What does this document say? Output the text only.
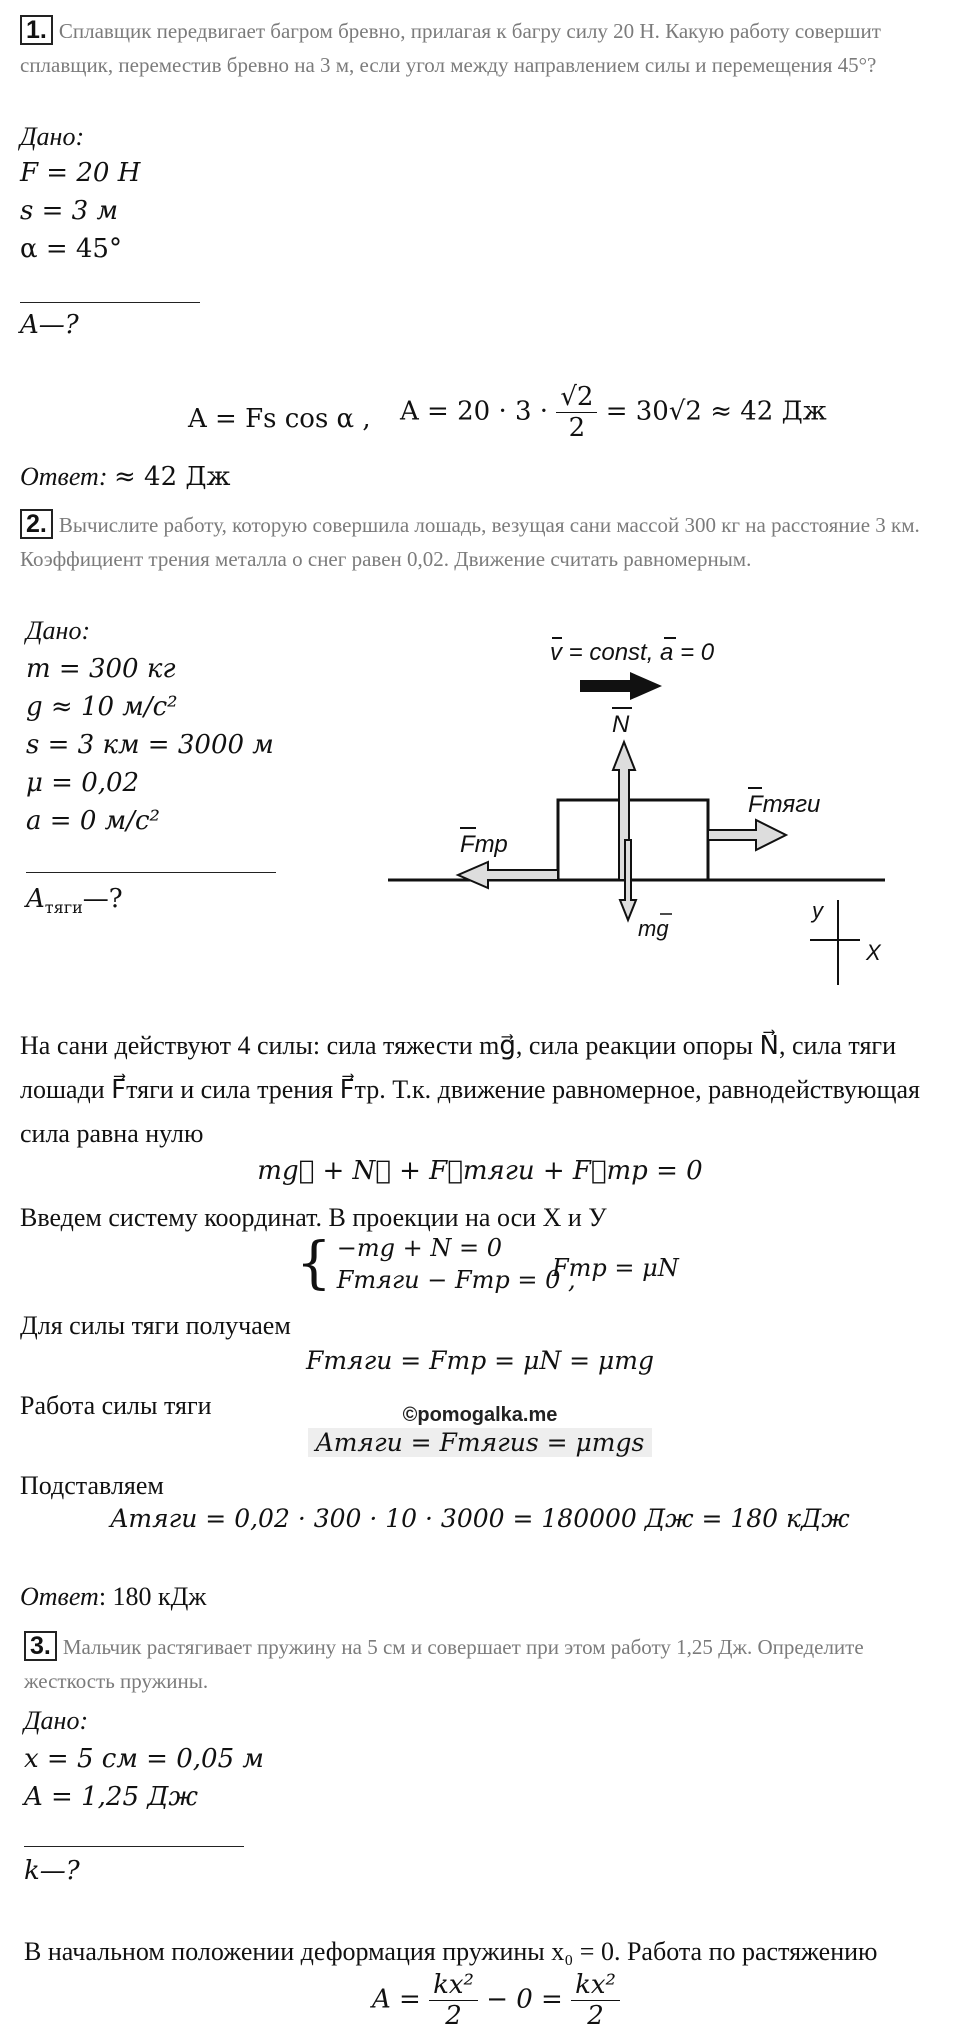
1. Сплавщик передвигает багром бревно, прилагая к багру силу 20 Н. Какую работу совершит сплавщик, переместив бревно на 3 м, если угол между направлением силы и перемещения 45°?
Дано:
F = 20 Н
s = 3 м
α = 45°
A—?
A = Fs cos α , $A = 20 \cdot 3 \cdot \frac{√2}{2} = 30√2 \approx 42$ Дж
Ответ: ≈ 42 Дж
2. Вычислите работу, которую совершила лошадь, везущая сани массой 300 кг на расстояние 3 км. Коэффициент трения металла о снег равен 0,02. Движение считать равномерным.
Дано:
m = 300 кг
g ≈ 10 м/с²
s = 3 км = 3000 м
μ = 0,02
a = 0 м/с²
$A_{тяги}—$?
v = const, a = 0
N
mg
Fтяги
Fтр
y
X
На сани действуют 4 силы: сила тяжести mg⃗, сила реакции опоры N⃗, сила тяги лошади F⃗тяги и сила трения F⃗тр. Т.к. движение равномерное, равнодействующая сила равна нулю
mg⃗ + N⃗ + F⃗тяги + F⃗тр = 0
Введем систему координат. В проекции на оси X и У
{ −mg + N = 0
Fтяги − Fтр = 0 ,
Fтр = μN
Для силы тяги получаем
Fтяги = Fтр = μN = μmg
Работа силы тяги	©pomogalka.me
Aтяги = Fтягиs = μmgs
Подставляем
Aтяги = 0,02 · 300 · 10 · 3000 = 180000 Дж = 180 кДж
Ответ: 180 кДж
3. Мальчик растягивает пружину на 5 см и совершает при этом работу 1,25 Дж. Определите жесткость пружины.
Дано:
x = 5 см = 0,05 м
A = 1,25 Дж
k—?
В начальном положении деформация пружины x₀ = 0. Работа по растяжению
$A = \frac{\text{kx²}}{2} - 0 = \frac{\text{kx²}}{2}$
